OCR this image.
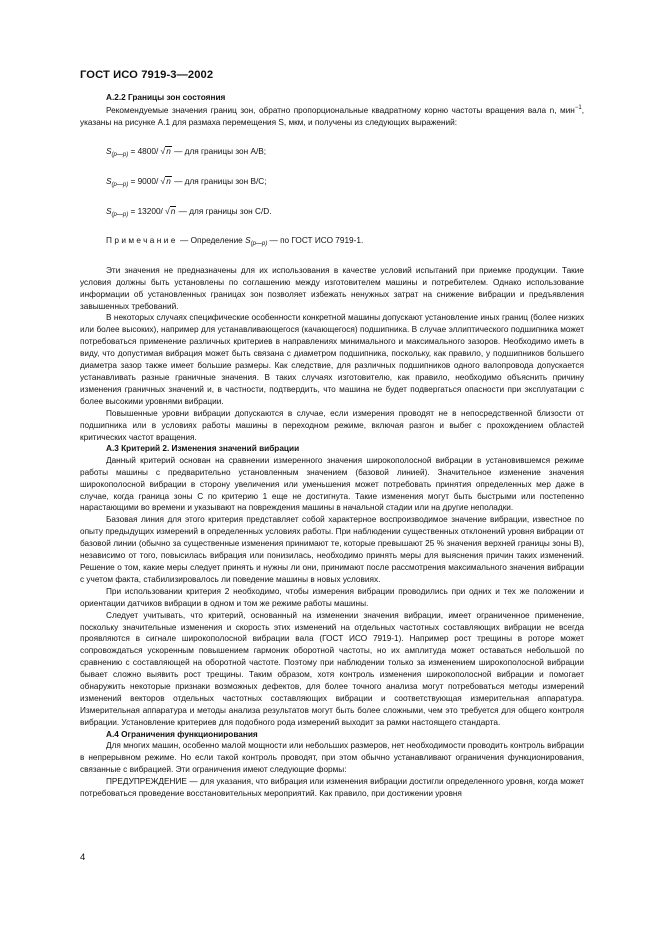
ГОСТ ИСО 7919-3—2002
А.2.2 Границы зон состояния

Рекомендуемые значения границ зон, обратно пропорциональные квадратному корню частоты вращения вала n, мин$^{-1}$, указаны на рисунке А.1 для размаха перемещения S, мкм, и получены из следующих выражений:

$S_{(p—p)} = 4800/$ √n — для границы зон А/В;
$S_{(p—p)} = 9000/$ √n — для границы зон В/С;
$S_{(p—p)} = 13200/$ √n — для границы зон С/D.
Примечание — Определение $S_{(p—p)}$ — по ГОСТ ИСО 7919-1.

Эти значения не предназначены для их использования в качестве условий испытаний при приемке продукции. Такие условия должны быть установлены по соглашению между изготовителем машины и потребителем. Однако использование информации об установленных границах зон позволяет избежать ненужных затрат на снижение вибрации и предъявления завышенных требований.

В некоторых случаях специфические особенности конкретной машины допускают установление иных границ (более низких или более высоких), например для устанавливающегося (качающегося) подшипника. В случае эллиптического подшипника может потребоваться применение различных критериев в направлениях минимального и максимального зазоров. Необходимо иметь в виду, что допустимая вибрация может быть связана с диаметром подшипника, поскольку, как правило, у подшипников большего диаметра зазор также имеет большие размеры. Как следствие, для различных подшипников одного валопровода допускается устанавливать разные граничные значения. В таких случаях изготовителю, как правило, необходимо объяснить причину изменения граничных значений и, в частности, подтвердить, что машина не будет подвергаться опасности при эксплуатации с более высокими уровнями вибрации.

Повышенные уровни вибрации допускаются в случае, если измерения проводят не в непосредственной близости от подшипника или в условиях работы машины в переходном режиме, включая разгон и выбег с прохождением областей критических частот вращения.

А.3 Критерий 2. Изменения значений вибрации

Данный критерий основан на сравнении измеренного значения широкополосной вибрации в установившемся режиме работы машины с предварительно установленным значением (базовой линией). Значительное изменение значения широкополосной вибрации в сторону увеличения или уменьшения может потребовать принятия определенных мер даже в случае, когда граница зоны С по критерию 1 еще не достигнута. Такие изменения могут быть быстрыми или постепенно нарастающими во времени и указывают на повреждения машины в начальной стадии или на другие неполадки.

Базовая линия для этого критерия представляет собой характерное воспроизводимое значение вибрации, известное по опыту предыдущих измерений в определенных условиях работы. При наблюдении существенных отклонений уровня вибрации от базовой линии (обычно за существенные изменения принимают те, которые превышают 25 % значения верхней границы зоны В), независимо от того, повысилась вибрация или понизилась, необходимо принять меры для выяснения причин таких изменений. Решение о том, какие меры следует принять и нужны ли они, принимают после рассмотрения максимального значения вибрации с учетом факта, стабилизировалось ли поведение машины в новых условиях.

При использовании критерия 2 необходимо, чтобы измерения вибрации проводились при одних и тех же положении и ориентации датчиков вибрации в одном и том же режиме работы машины.

Следует учитывать, что критерий, основанный на изменении значения вибрации, имеет ограниченное применение, поскольку значительные изменения и скорость этих изменений на отдельных частотных составляющих вибрации не всегда проявляются в сигнале широкополосной вибрации вала (ГОСТ ИСО 7919-1). Например рост трещины в роторе может сопровождаться ускоренным повышением гармоник оборотной частоты, но их амплитуда может оставаться небольшой по сравнению с составляющей на оборотной частоте. Поэтому при наблюдении только за изменением широкополосной вибрации бывает сложно выявить рост трещины. Таким образом, хотя контроль изменения широкополосной вибрации и помогает обнаружить некоторые признаки возможных дефектов, для более точного анализа могут потребоваться методы измерений изменений векторов отдельных частотных составляющих вибрации и соответствующая измерительная аппаратура. Измерительная аппаратура и методы анализа результатов могут быть более сложными, чем это требуется для общего контроля вибрации. Установление критериев для подобного рода измерений выходит за рамки настоящего стандарта.

А.4 Ограничения функционирования

Для многих машин, особенно малой мощности или небольших размеров, нет необходимости проводить контроль вибрации в непрерывном режиме. Но если такой контроль проводят, при этом обычно устанавливают ограничения функционирования, связанные с вибрацией. Эти ограничения имеют следующие формы:

ПРЕДУПРЕЖДЕНИЕ — для указания, что вибрация или изменения вибрации достигли определенного уровня, когда может потребоваться проведение восстановительных мероприятий. Как правило, при достижении уровня

4
